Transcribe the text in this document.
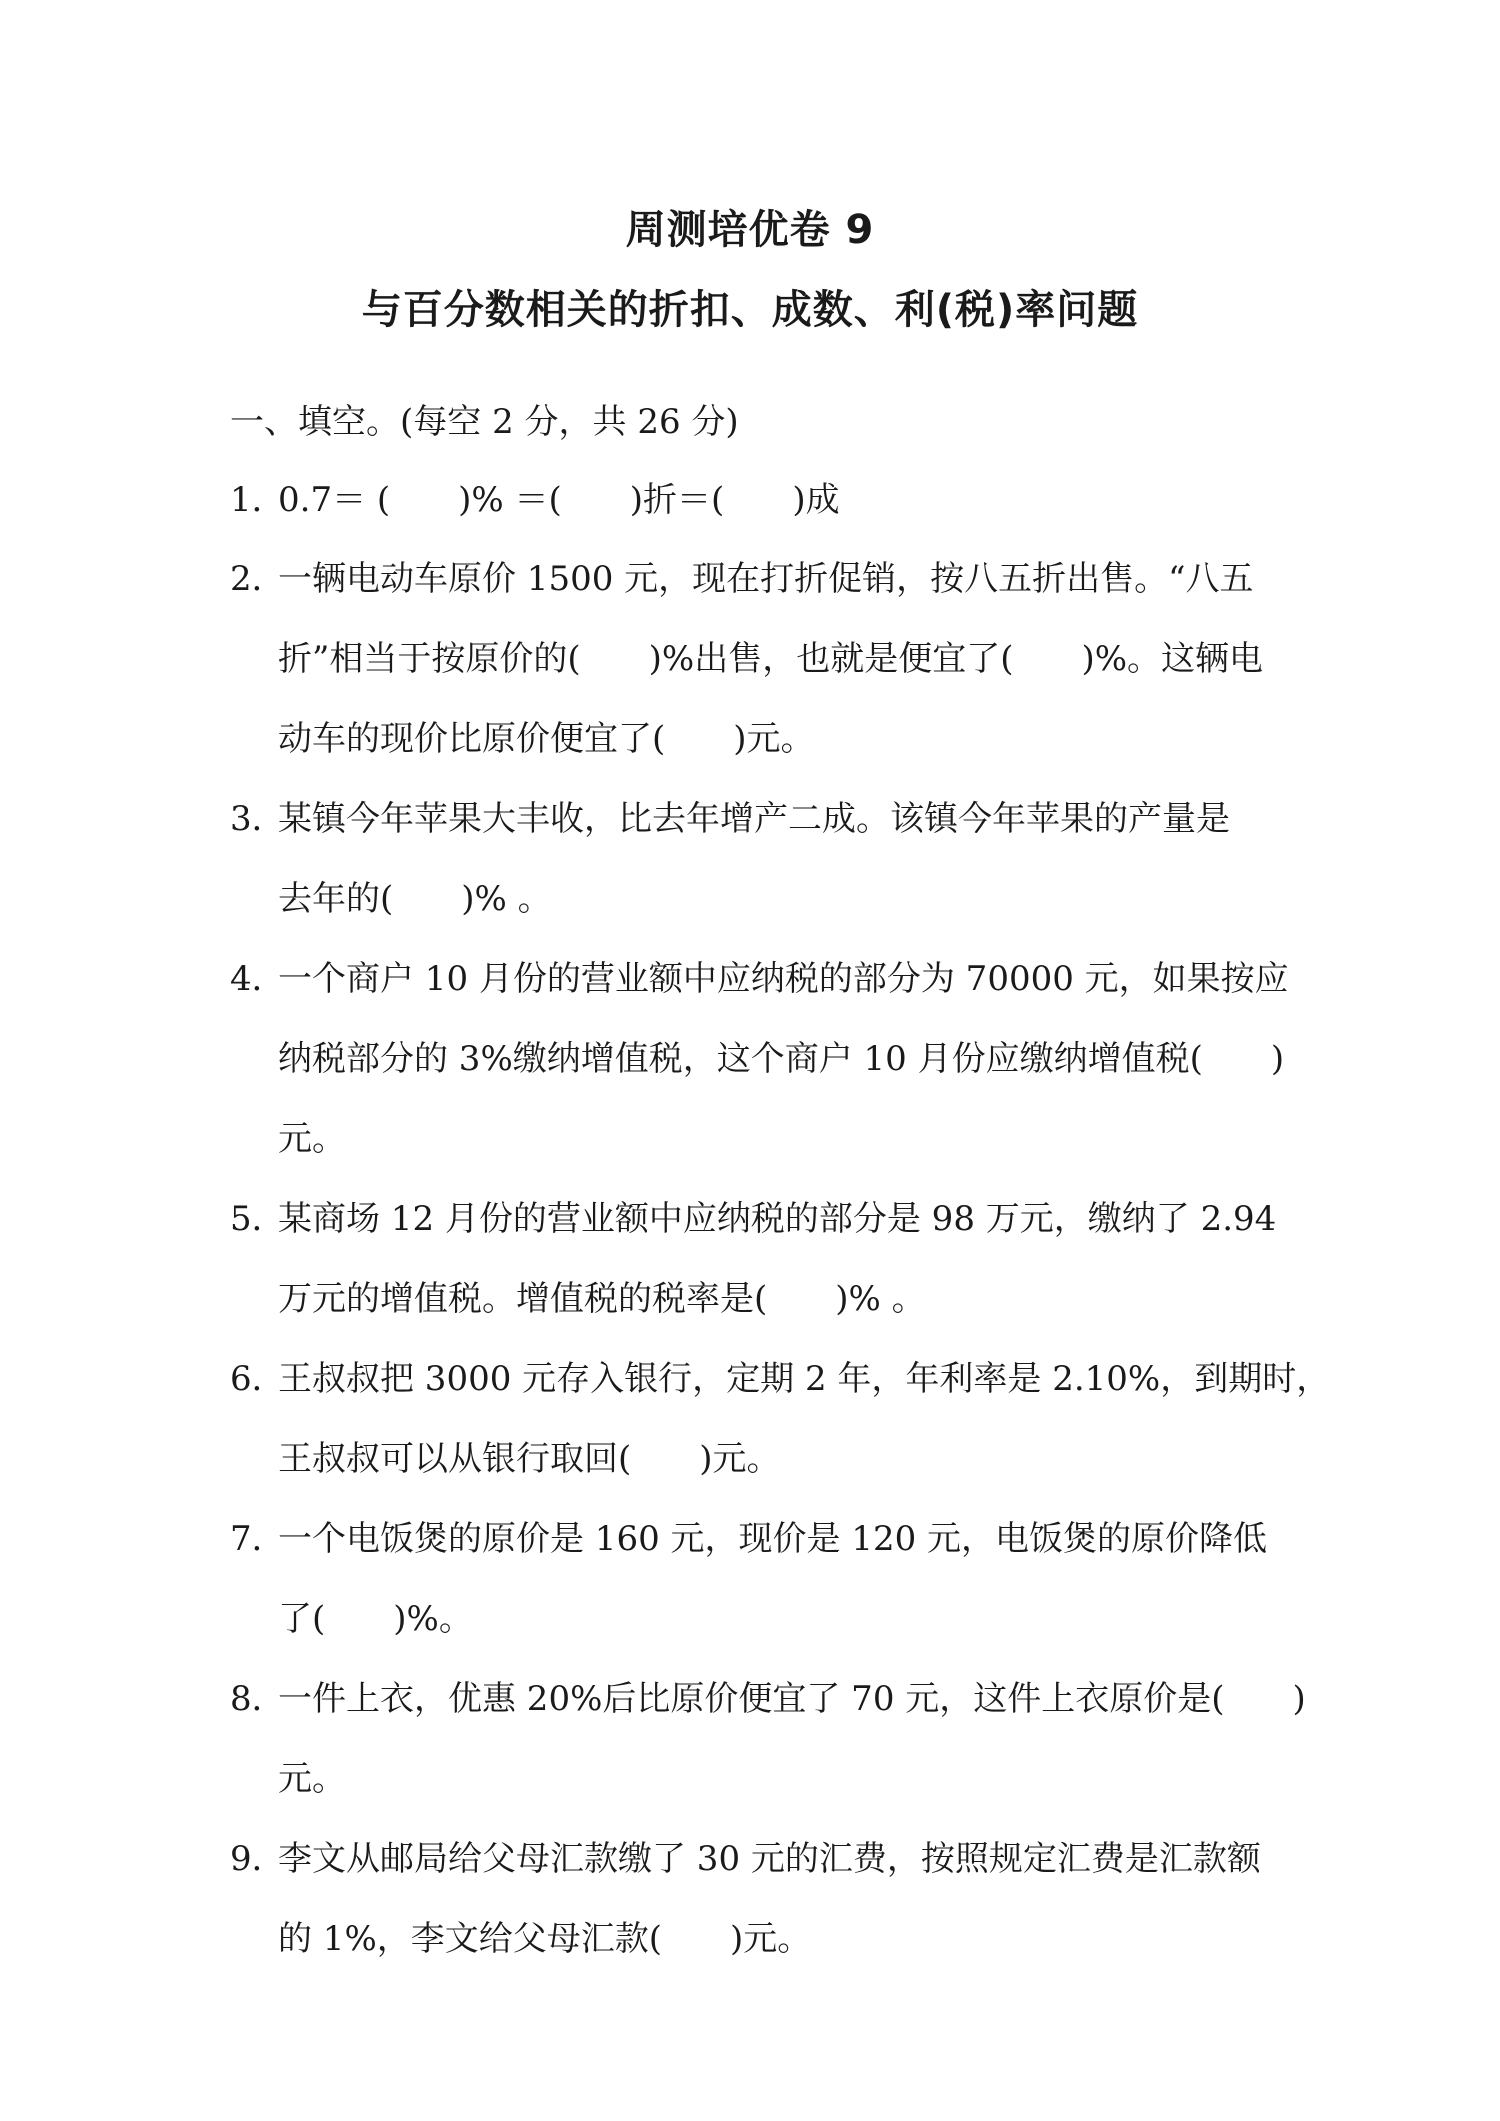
周测培优卷 9
与百分数相关的折扣、成数、利(税)率问题
一、填空。(每空 2 分，共 26 分)
1．
0.7＝ (　　)% ＝(　　)折＝(　　)成
2．
一辆电动车原价 1500 元，现在打折促销，按八五折出售。“八五
折”相当于按原价的(　　)%出售，也就是便宜了(　　)%。这辆电
动车的现价比原价便宜了(　　)元。
3．
某镇今年苹果大丰收，比去年增产二成。该镇今年苹果的产量是
去年的(　　)% 。
4．
一个商户 10 月份的营业额中应纳税的部分为 70000 元，如果按应
纳税部分的 3%缴纳增值税，这个商户 10 月份应缴纳增值税(　　)
元。
5．
某商场 12 月份的营业额中应纳税的部分是 98 万元，缴纳了 2.94
万元的增值税。增值税的税率是(　　)% 。
6．
王叔叔把 3000 元存入银行，定期 2 年，年利率是 2.10%，到期时，
王叔叔可以从银行取回(　　)元。
7．
一个电饭煲的原价是 160 元，现价是 120 元，电饭煲的原价降低
了(　　)%。
8．
一件上衣，优惠 20%后比原价便宜了 70 元，这件上衣原价是(　　)
元。
9．
李文从邮局给父母汇款缴了 30 元的汇费，按照规定汇费是汇款额
的 1%，李文给父母汇款(　　)元。
